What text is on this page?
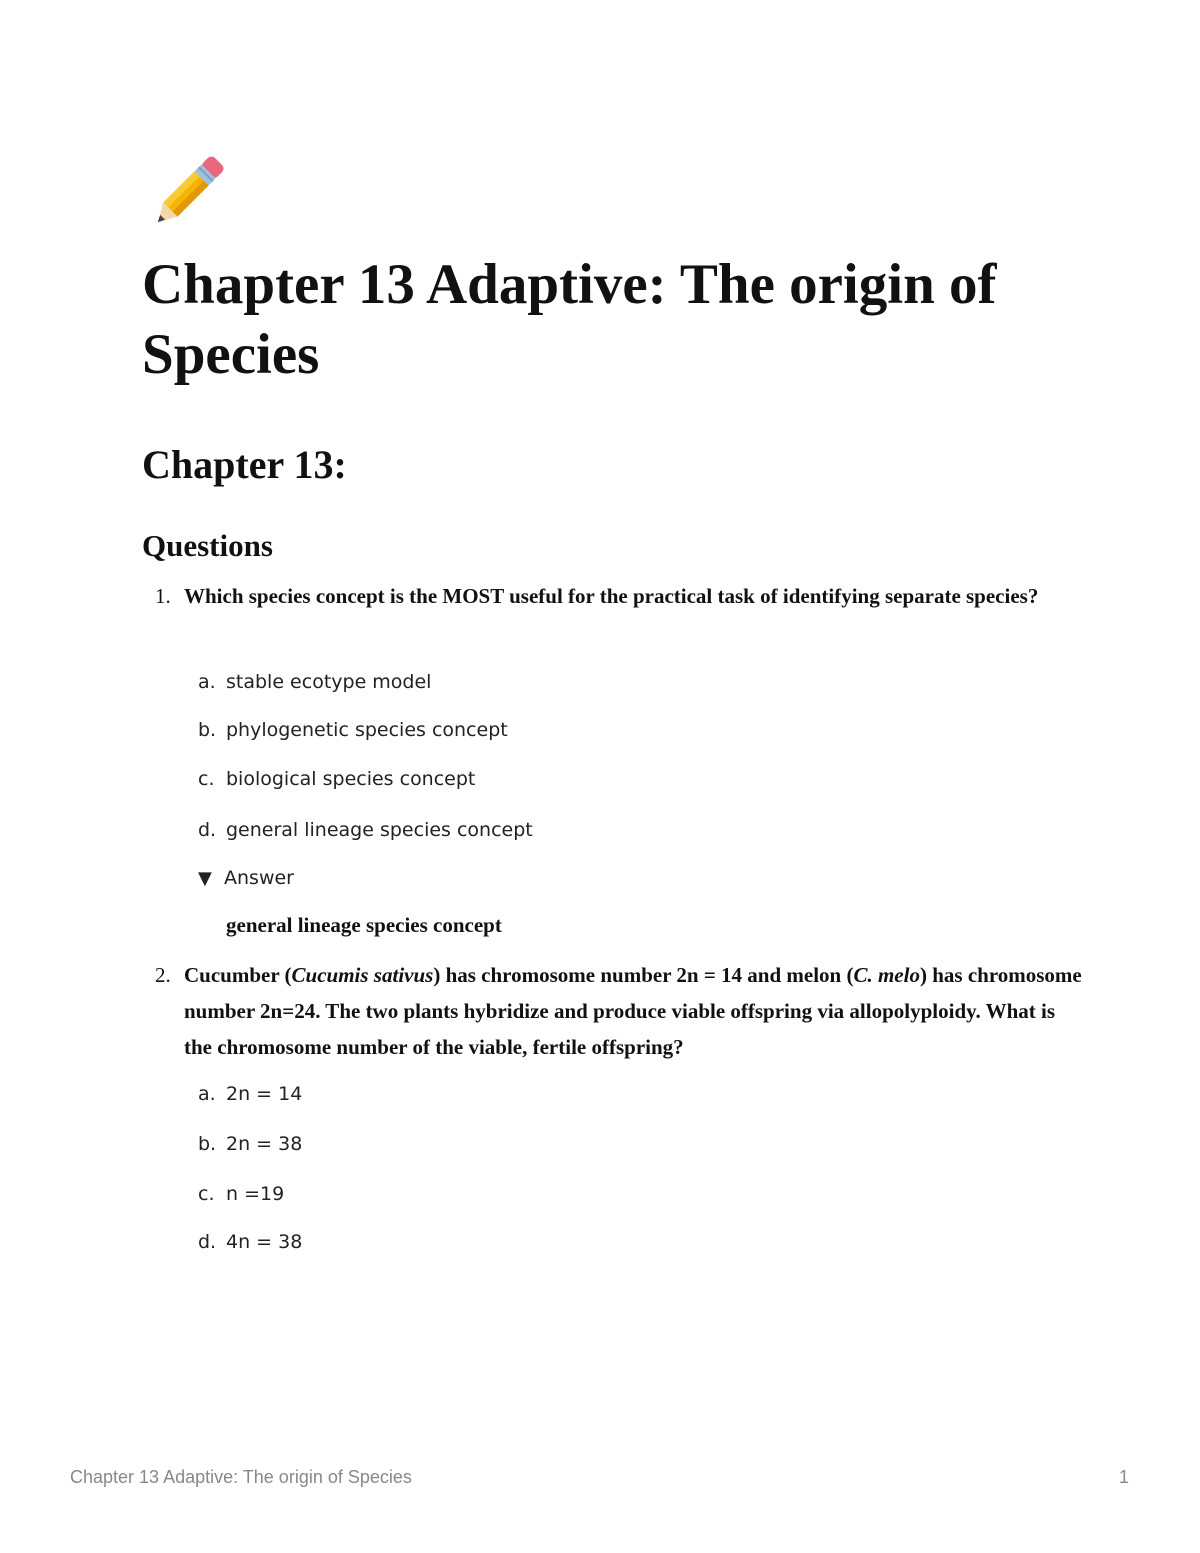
Chapter 13 Adaptive: The origin of Species
Chapter 13:
Questions
1. Which species concept is the MOST useful for the practical task of identifying separate species?
a. stable ecotype model
b. phylogenetic species concept
c. biological species concept
d. general lineage species concept
▼ Answer
general lineage species concept
2. Cucumber (Cucumis sativus) has chromosome number 2n = 14 and melon (C. melo) has chromosome number 2n=24. The two plants hybridize and produce viable offspring via allopolyploidy. What is the chromosome number of the viable, fertile offspring?
a. 2n = 14
b. 2n = 38
c. n =19
d. 4n = 38
Chapter 13 Adaptive: The origin of Species	1
